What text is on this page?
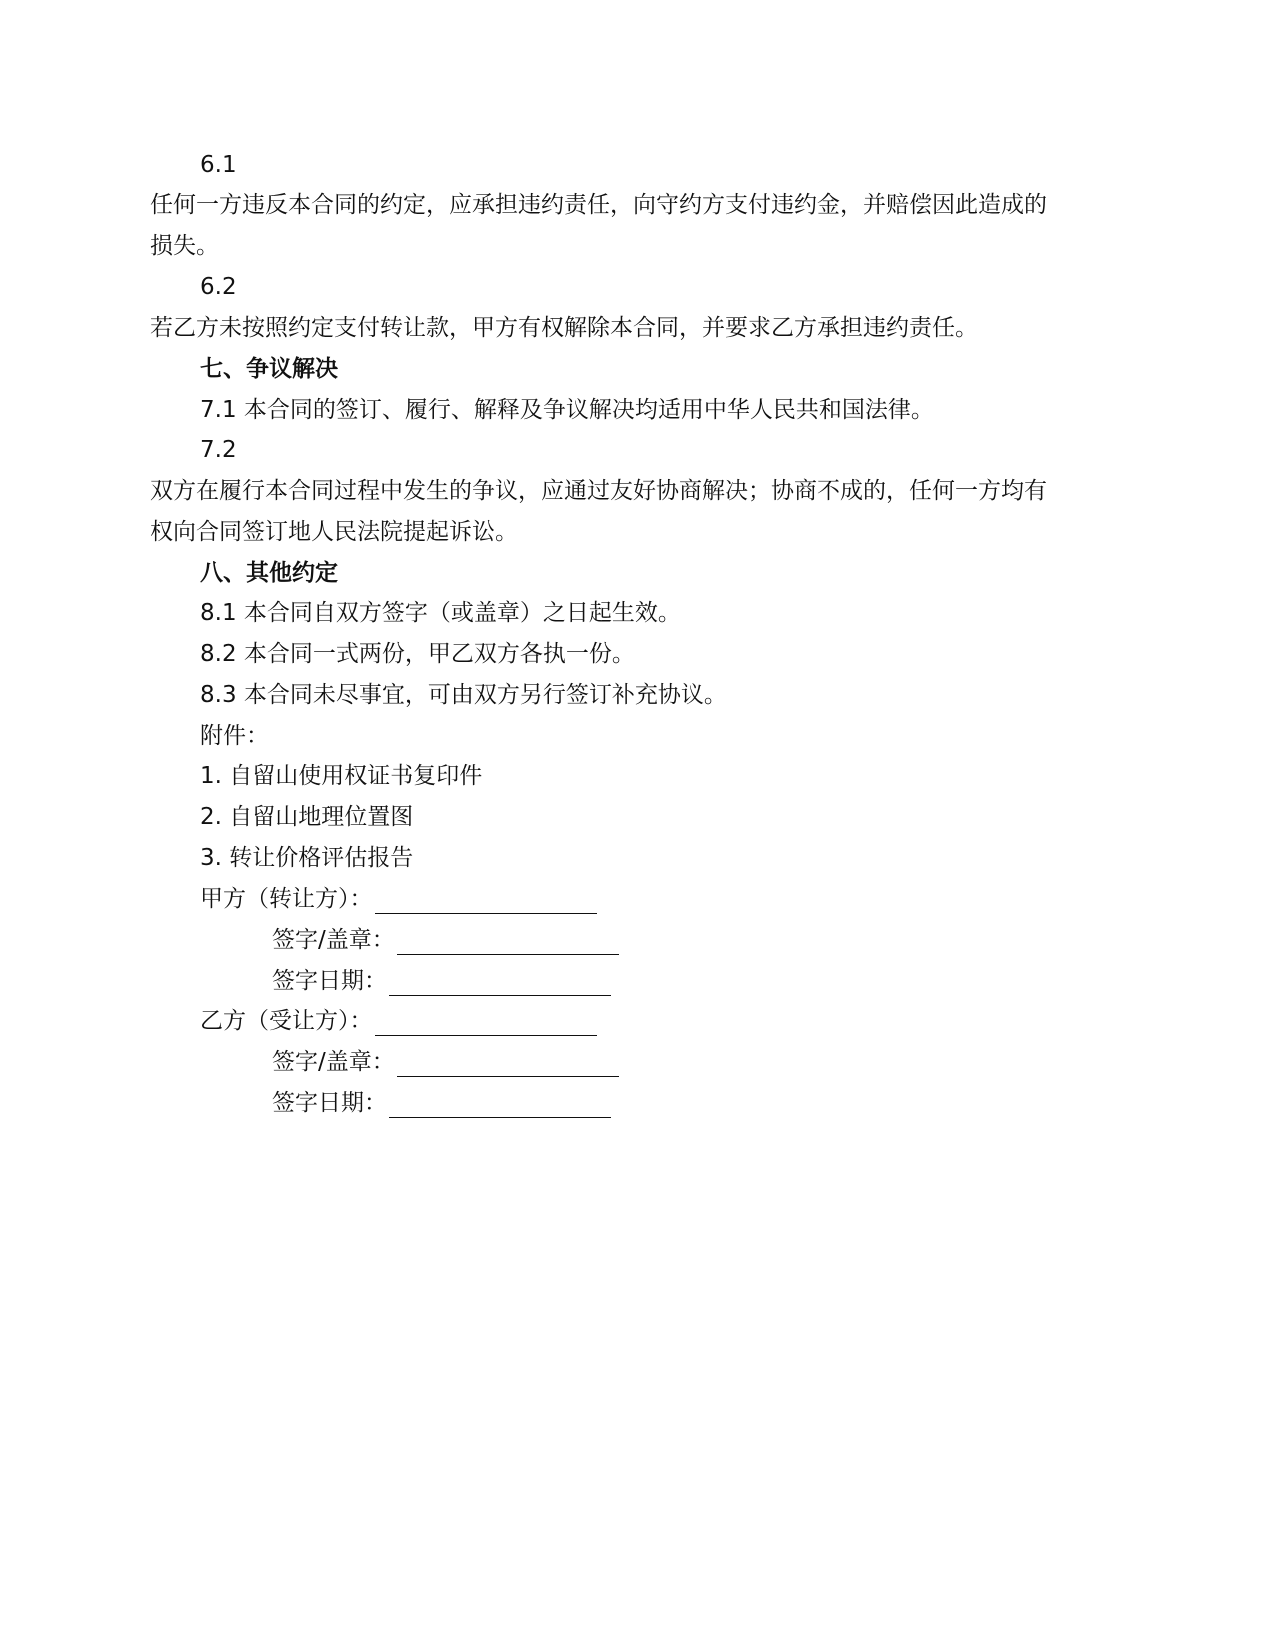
6.1
任何一方违反本合同的约定，应承担违约责任，向守约方支付违约金，并赔偿因此造成的
损失。
6.2
若乙方未按照约定支付转让款，甲方有权解除本合同，并要求乙方承担违约责任。
七、争议解决
7.1 本合同的签订、履行、解释及争议解决均适用中华人民共和国法律。
7.2
双方在履行本合同过程中发生的争议，应通过友好协商解决；协商不成的，任何一方均有
权向合同签订地人民法院提起诉讼。
八、其他约定
8.1 本合同自双方签字（或盖章）之日起生效。
8.2 本合同一式两份，甲乙双方各执一份。
8.3 本合同未尽事宜，可由双方另行签订补充协议。
附件：
1. 自留山使用权证书复印件
2. 自留山地理位置图
3. 转让价格评估报告
甲方（转让方）：
签字/盖章：
签字日期：
乙方（受让方）：
签字/盖章：
签字日期：
